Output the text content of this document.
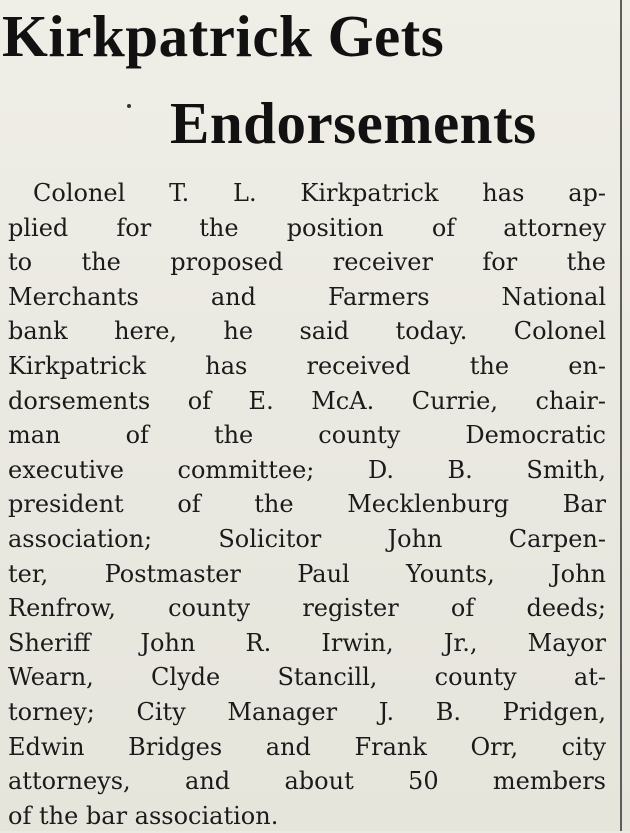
Kirkpatrick Gets
Endorsements

Colonel T. L. Kirkpatrick has ap-
plied for the position of attorney
to the proposed receiver for the
Merchants and Farmers National
bank here, he said today. Colonel
Kirkpatrick has received the en-
dorsements of E. McA. Currie, chair-
man of the county Democratic
executive committee; D. B. Smith,
president of the Mecklenburg Bar
association; Solicitor John Carpen-
ter, Postmaster Paul Younts, John
Renfrow, county register of deeds;
Sheriff John R. Irwin, Jr., Mayor
Wearn, Clyde Stancill, county at-
torney; City Manager J. B. Pridgen,
Edwin Bridges and Frank Orr, city
attorneys, and about 50 members
of the bar association.
